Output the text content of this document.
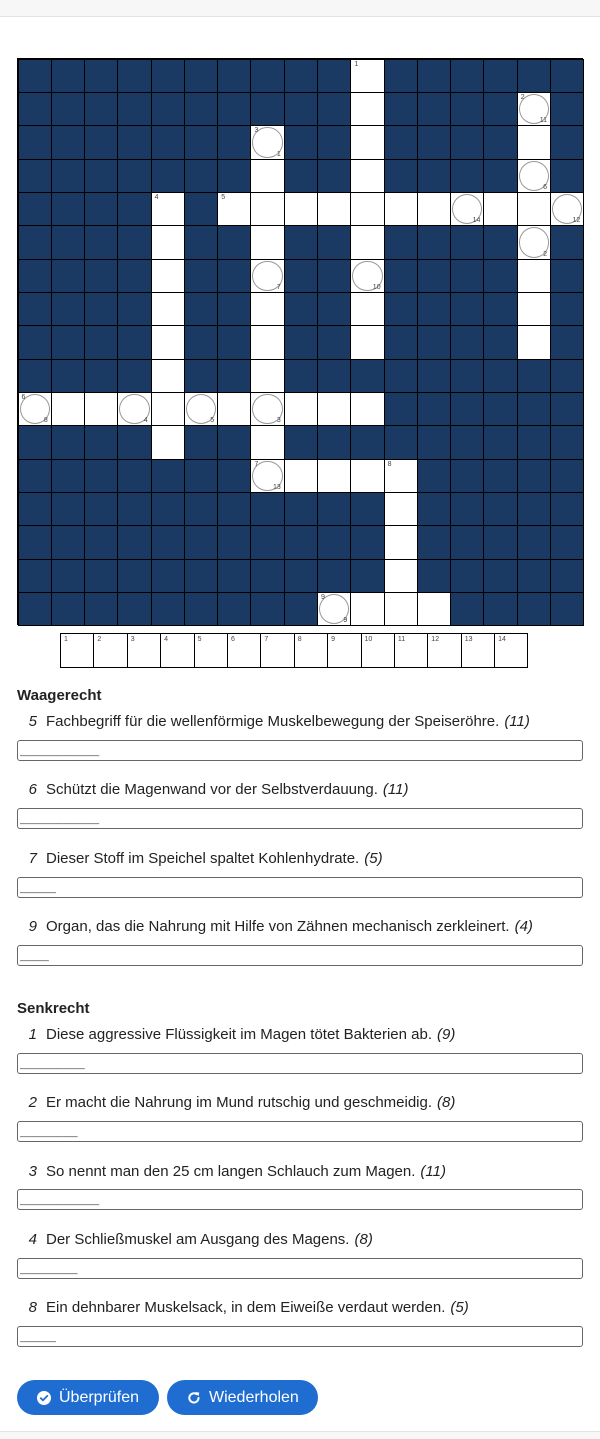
1
11
2
1
3
6
4	5
14	12
2
7	10
8
6
4	5	3
13
7	8
9
9
1	2	3	4	5	6	7	8	9	10	11	12	13	14
Waagerecht
5 Fachbegriff für die wellenförmige Muskelbewegung der Speiseröhre. (11)
___________
6 Schützt die Magenwand vor der Selbstverdauung. (11)
___________
7 Dieser Stoff im Speichel spaltet Kohlenhydrate. (5)
_____
9 Organ, das die Nahrung mit Hilfe von Zähnen mechanisch zerkleinert. (4)
____
Senkrecht
1 Diese aggressive Flüssigkeit im Magen tötet Bakterien ab. (9)
_________
2 Er macht die Nahrung im Mund rutschig und geschmeidig. (8)
________
3 So nennt man den 25 cm langen Schlauch zum Magen. (11)
___________
4 Der Schließmuskel am Ausgang des Magens. (8)
________
8 Ein dehnbarer Muskelsack, in dem Eiweiße verdaut werden. (5)
_____
Überprüfen	Wiederholen
